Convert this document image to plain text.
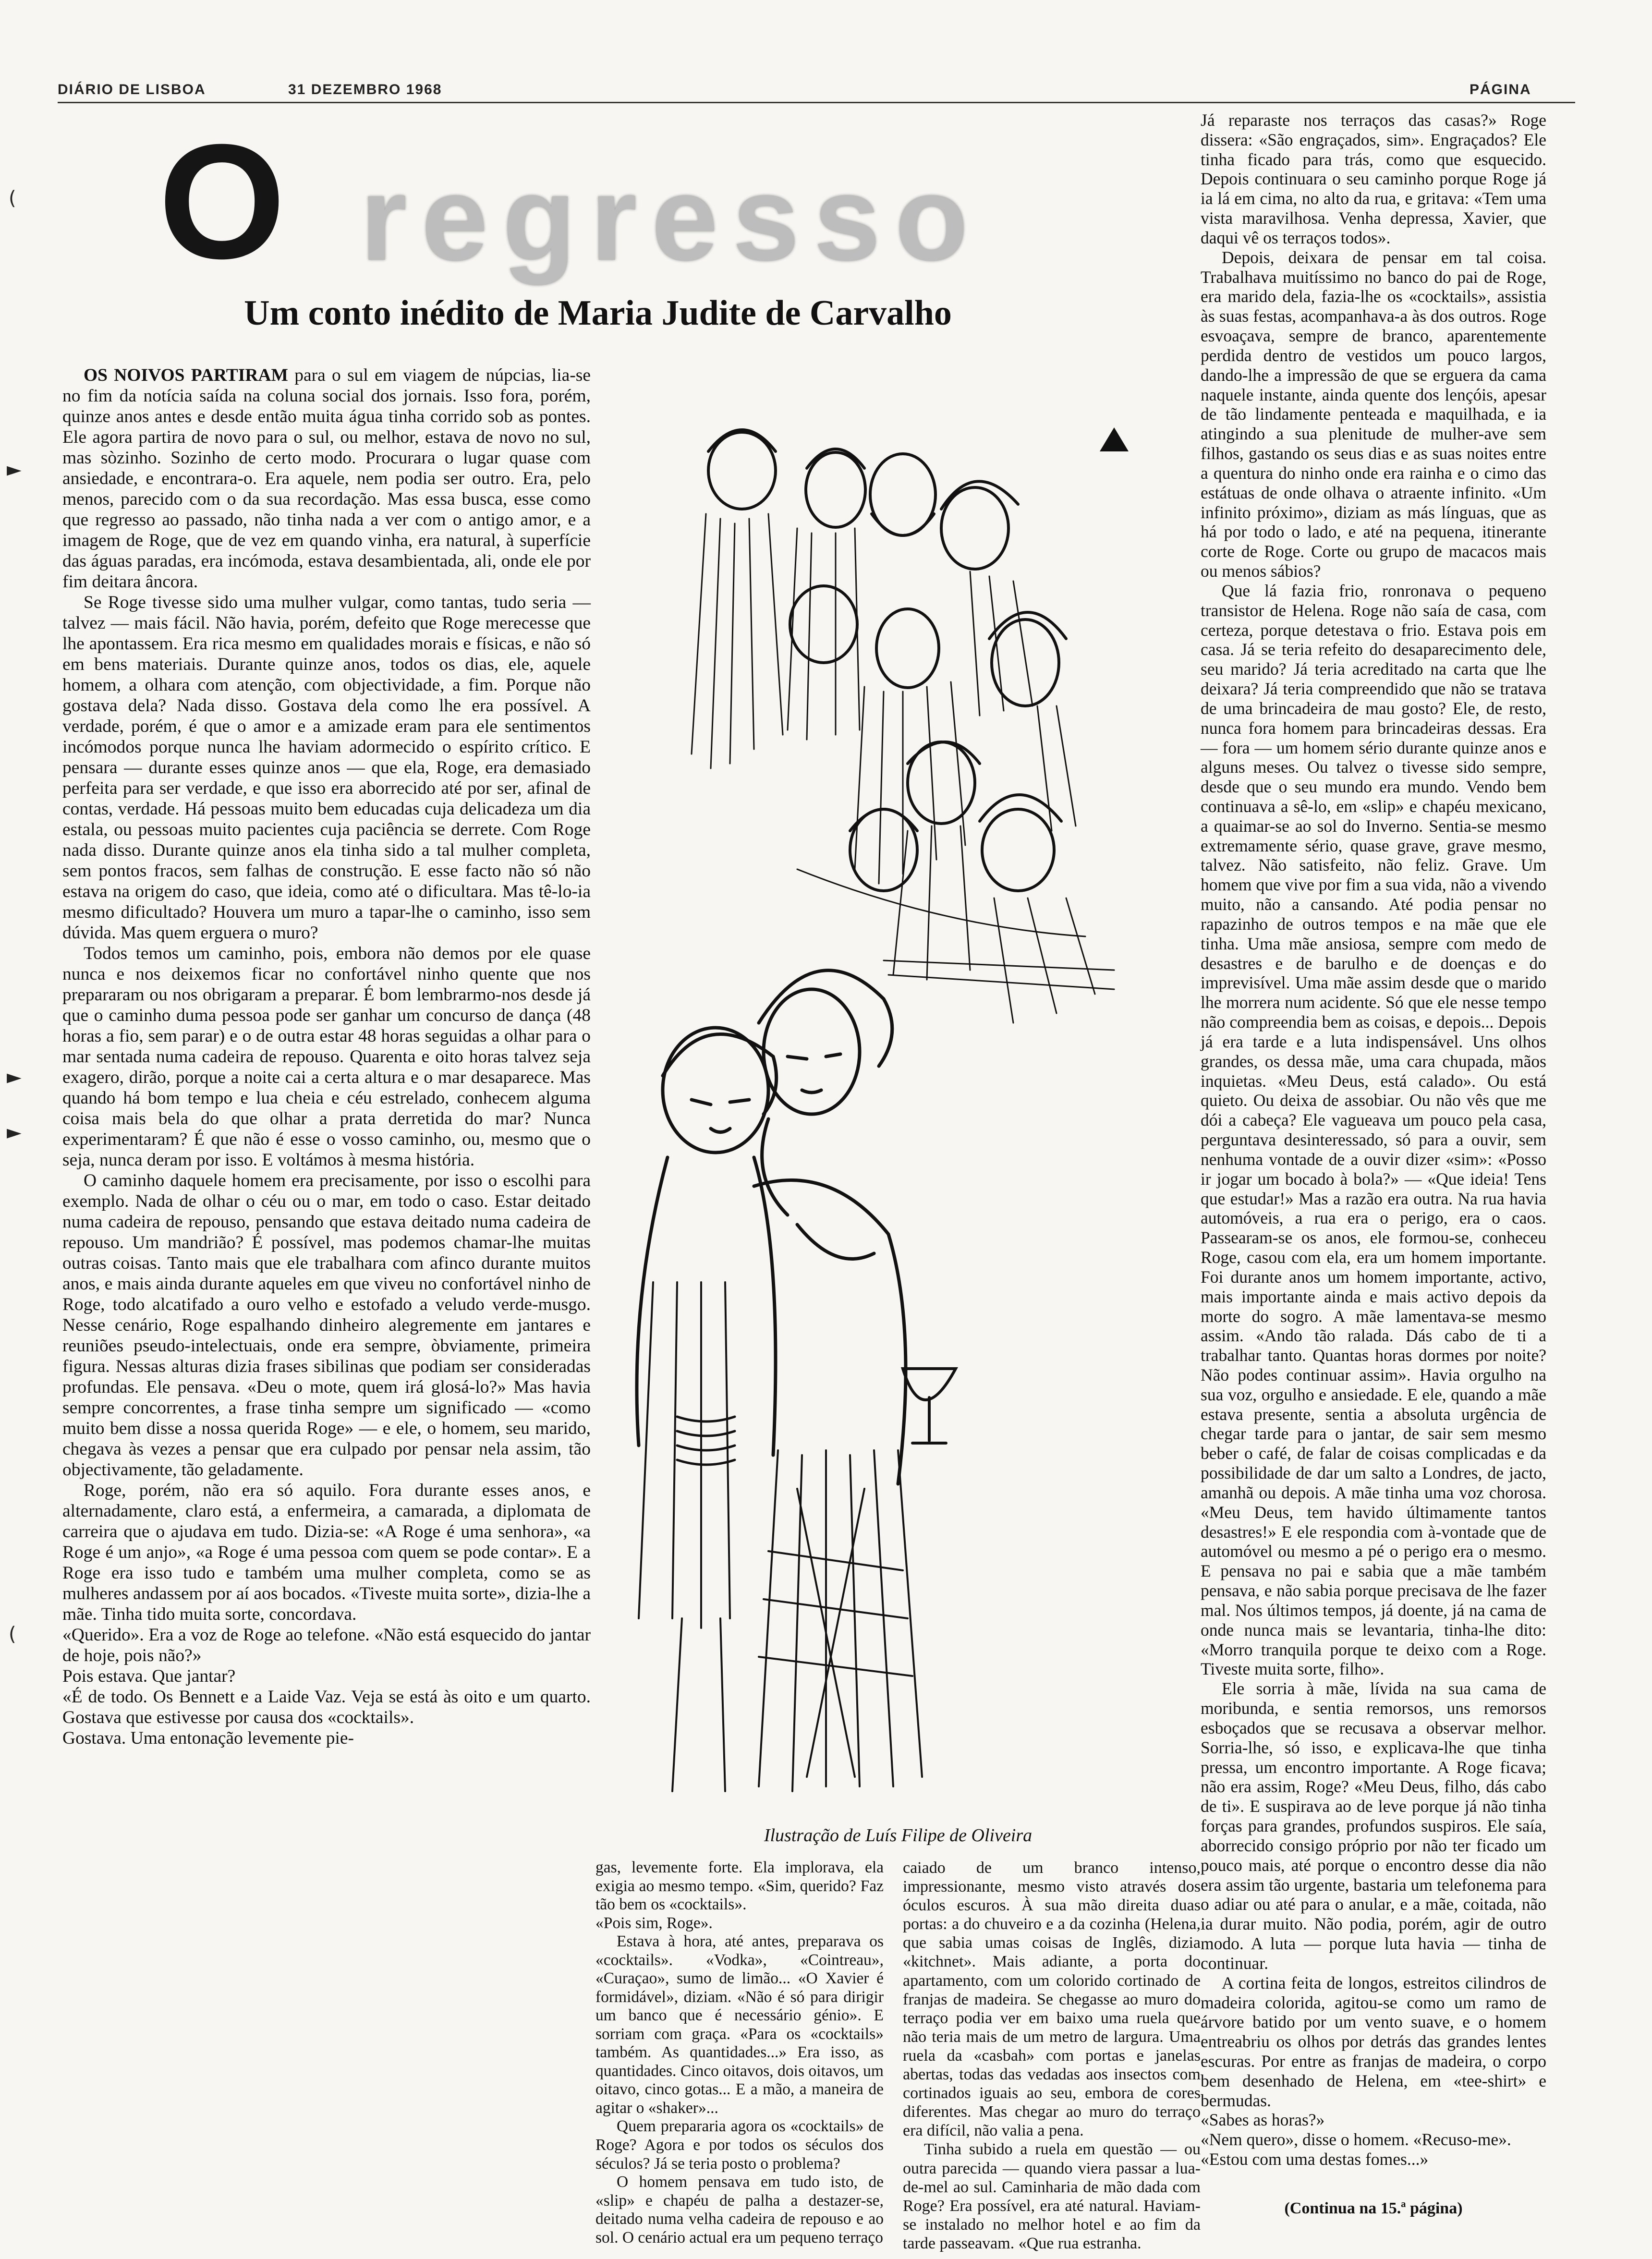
DIÁRIO DE LISBOA	31 DEZEMBRO 1968	PÁGINA
O regresso
Um conto inédito de Maria Judite de Carvalho
(
►
►
►
(

OS NOIVOS PARTIRAM para o sul em viagem de núpcias, lia-se no fim da notícia saída na coluna social dos jornais. Isso fora, porém, quinze anos antes e desde então muita água tinha corrido sob as pontes. Ele agora partira de novo para o sul, ou melhor, estava de novo no sul, mas sòzinho. Sozinho de certo modo. Procurara o lugar quase com ansiedade, e encontrara-o. Era aquele, nem podia ser outro. Era, pelo menos, parecido com o da sua recordação. Mas essa busca, esse como que regresso ao passado, não tinha nada a ver com o antigo amor, e a imagem de Roge, que de vez em quando vinha, era natural, à superfície das águas paradas, era incómoda, estava desambientada, ali, onde ele por fim deitara âncora.

Se Roge tivesse sido uma mulher vulgar, como tantas, tudo seria — talvez — mais fácil. Não havia, porém, defeito que Roge merecesse que lhe apontassem. Era rica mesmo em qualidades morais e físicas, e não só em bens materiais. Durante quinze anos, todos os dias, ele, aquele homem, a olhara com atenção, com objectividade, a fim. Porque não gostava dela? Nada disso. Gostava dela como lhe era possível. A verdade, porém, é que o amor e a amizade eram para ele sentimentos incómodos porque nunca lhe haviam adormecido o espírito crítico. E pensara — durante esses quinze anos — que ela, Roge, era demasiado perfeita para ser verdade, e que isso era aborrecido até por ser, afinal de contas, verdade. Há pessoas muito bem educadas cuja delicadeza um dia estala, ou pessoas muito pacientes cuja paciência se derrete. Com Roge nada disso. Durante quinze anos ela tinha sido a tal mulher completa, sem pontos fracos, sem falhas de construção. E esse facto não só não estava na origem do caso, que ideia, como até o dificultara. Mas tê-lo-ia mesmo dificultado? Houvera um muro a tapar-lhe o caminho, isso sem dúvida. Mas quem erguera o muro?

Todos temos um caminho, pois, embora não demos por ele quase nunca e nos deixemos ficar no confortável ninho quente que nos prepararam ou nos obrigaram a preparar. É bom lembrarmo-nos desde já que o caminho duma pessoa pode ser ganhar um concurso de dança (48 horas a fio, sem parar) e o de outra estar 48 horas seguidas a olhar para o mar sentada numa cadeira de repouso. Quarenta e oito horas talvez seja exagero, dirão, porque a noite cai a certa altura e o mar desaparece. Mas quando há bom tempo e lua cheia e céu estrelado, conhecem alguma coisa mais bela do que olhar a prata derretida do mar? Nunca experimentaram? É que não é esse o vosso caminho, ou, mesmo que o seja, nunca deram por isso. E voltámos à mesma história.

O caminho daquele homem era precisamente, por isso o escolhi para exemplo. Nada de olhar o céu ou o mar, em todo o caso. Estar deitado numa cadeira de repouso, pensando que estava deitado numa cadeira de repouso. Um mandrião? É possível, mas podemos chamar-lhe muitas outras coisas. Tanto mais que ele trabalhara com afinco durante muitos anos, e mais ainda durante aqueles em que viveu no confortável ninho de Roge, todo alcatifado a ouro velho e estofado a veludo verde-musgo. Nesse cenário, Roge espalhando dinheiro alegremente em jantares e reuniões pseudo-intelectuais, onde era sempre, òbviamente, primeira figura. Nessas alturas dizia frases sibilinas que podiam ser consideradas profundas. Ele pensava. «Deu o mote, quem irá glosá-lo?» Mas havia sempre concorrentes, a frase tinha sempre um significado — «como muito bem disse a nossa querida Roge» — e ele, o homem, seu marido, chegava às vezes a pensar que era culpado por pensar nela assim, tão objectivamente, tão geladamente.

Roge, porém, não era só aquilo. Fora durante esses anos, e alternadamente, claro está, a enfermeira, a camarada, a diplomata de carreira que o ajudava em tudo. Dizia-se: «A Roge é uma senhora», «a Roge é um anjo», «a Roge é uma pessoa com quem se pode contar». E a Roge era isso tudo e também uma mulher completa, como se as mulheres andassem por aí aos bocados. «Tiveste muita sorte», dizia-lhe a mãe. Tinha tido muita sorte, concordava.

«Querido». Era a voz de Roge ao telefone. «Não está esquecido do jantar de hoje, pois não?»

Pois estava. Que jantar?

«É de todo. Os Bennett e a Laide Vaz. Veja se está às oito e um quarto. Gostava que estivesse por causa dos «cocktails».

Gostava. Uma entonação levemente pie-

Ilustração de Luís Filipe de Oliveira

gas, levemente forte. Ela implorava, ela exigia ao mesmo tempo. «Sim, querido? Faz tão bem os «cocktails».

«Pois sim, Roge».

Estava à hora, até antes, preparava os «cocktails». «Vodka», «Cointreau», «Curaçao», sumo de limão... «O Xavier é formidável», diziam. «Não é só para dirigir um banco que é necessário génio». E sorriam com graça. «Para os «cocktails» também. As quantidades...» Era isso, as quantidades. Cinco oitavos, dois oitavos, um oitavo, cinco gotas... E a mão, a maneira de agitar o «shaker»...

Quem prepararia agora os «cocktails» de Roge? Agora e por todos os séculos dos séculos? Já se teria posto o problema?

O homem pensava em tudo isto, de «slip» e chapéu de palha a destazer-se, deitado numa velha cadeira de repouso e ao sol. O cenário actual era um pequeno terraço

caiado de um branco intenso, impressionante, mesmo visto através dos óculos escuros. À sua mão direita duas portas: a do chuveiro e a da cozinha (Helena, que sabia umas coisas de Inglês, dizia «kitchnet». Mais adiante, a porta do apartamento, com um colorido cortinado de franjas de madeira. Se chegasse ao muro do terraço podia ver em baixo uma ruela que não teria mais de um metro de largura. Uma ruela da «casbah» com portas e janelas abertas, todas das vedadas aos insectos com cortinados iguais ao seu, embora de cores diferentes. Mas chegar ao muro do terraço era difícil, não valia a pena.

Tinha subido a ruela em questão — ou outra parecida — quando viera passar a lua-de-mel ao sul. Caminharia de mão dada com Roge? Era possível, era até natural. Haviam-se instalado no melhor hotel e ao fim da tarde passeavam. «Que rua estranha.

Já reparaste nos terraços das casas?» Roge dissera: «São engraçados, sim». Engraçados? Ele tinha ficado para trás, como que esquecido. Depois continuara o seu caminho porque Roge já ia lá em cima, no alto da rua, e gritava: «Tem uma vista maravilhosa. Venha depressa, Xavier, que daqui vê os terraços todos».

Depois, deixara de pensar em tal coisa. Trabalhava muitíssimo no banco do pai de Roge, era marido dela, fazia-lhe os «cocktails», assistia às suas festas, acompanhava-a às dos outros. Roge esvoaçava, sempre de branco, aparentemente perdida dentro de vestidos um pouco largos, dando-lhe a impressão de que se erguera da cama naquele instante, ainda quente dos lençóis, apesar de tão lindamente penteada e maquilhada, e ia atingindo a sua plenitude de mulher-ave sem filhos, gastando os seus dias e as suas noites entre a quentura do ninho onde era rainha e o cimo das estátuas de onde olhava o atraente infinito. «Um infinito próximo», diziam as más línguas, que as há por todo o lado, e até na pequena, itinerante corte de Roge. Corte ou grupo de macacos mais ou menos sábios?

Que lá fazia frio, ronronava o pequeno transistor de Helena. Roge não saía de casa, com certeza, porque detestava o frio. Estava pois em casa. Já se teria refeito do desaparecimento dele, seu marido? Já teria acreditado na carta que lhe deixara? Já teria compreendido que não se tratava de uma brincadeira de mau gosto? Ele, de resto, nunca fora homem para brincadeiras dessas. Era — fora — um homem sério durante quinze anos e alguns meses. Ou talvez o tivesse sido sempre, desde que o seu mundo era mundo. Vendo bem continuava a sê-lo, em «slip» e chapéu mexicano, a quaimar-se ao sol do Inverno. Sentia-se mesmo extremamente sério, quase grave, grave mesmo, talvez. Não satisfeito, não feliz. Grave. Um homem que vive por fim a sua vida, não a vivendo muito, não a cansando. Até podia pensar no rapazinho de outros tempos e na mãe que ele tinha. Uma mãe ansiosa, sempre com medo de desastres e de barulho e de doenças e do imprevisível. Uma mãe assim desde que o marido lhe morrera num acidente. Só que ele nesse tempo não compreendia bem as coisas, e depois... Depois já era tarde e a luta indispensável. Uns olhos grandes, os dessa mãe, uma cara chupada, mãos inquietas. «Meu Deus, está calado». Ou está quieto. Ou deixa de assobiar. Ou não vês que me dói a cabeça? Ele vagueava um pouco pela casa, perguntava desinteressado, só para a ouvir, sem nenhuma vontade de a ouvir dizer «sim»: «Posso ir jogar um bocado à bola?» — «Que ideia! Tens que estudar!» Mas a razão era outra. Na rua havia automóveis, a rua era o perigo, era o caos. Passearam-se os anos, ele formou-se, conheceu Roge, casou com ela, era um homem importante. Foi durante anos um homem importante, activo, mais importante ainda e mais activo depois da morte do sogro. A mãe lamentava-se mesmo assim. «Ando tão ralada. Dás cabo de ti a trabalhar tanto. Quantas horas dormes por noite? Não podes continuar assim». Havia orgulho na sua voz, orgulho e ansiedade. E ele, quando a mãe estava presente, sentia a absoluta urgência de chegar tarde para o jantar, de sair sem mesmo beber o café, de falar de coisas complicadas e da possibilidade de dar um salto a Londres, de jacto, amanhã ou depois. A mãe tinha uma voz chorosa. «Meu Deus, tem havido últimamente tantos desastres!» E ele respondia com à-vontade que de automóvel ou mesmo a pé o perigo era o mesmo. E pensava no pai e sabia que a mãe também pensava, e não sabia porque precisava de lhe fazer mal. Nos últimos tempos, já doente, já na cama de onde nunca mais se levantaria, tinha-lhe dito: «Morro tranquila porque te deixo com a Roge. Tiveste muita sorte, filho».

Ele sorria à mãe, lívida na sua cama de moribunda, e sentia remorsos, uns remorsos esboçados que se recusava a observar melhor. Sorria-lhe, só isso, e explicava-lhe que tinha pressa, um encontro importante. A Roge ficava; não era assim, Roge? «Meu Deus, filho, dás cabo de ti». E suspirava ao de leve porque já não tinha forças para grandes, profundos suspiros. Ele saía, aborrecido consigo próprio por não ter ficado um pouco mais, até porque o encontro desse dia não era assim tão urgente, bastaria um telefonema para o adiar ou até para o anular, e a mãe, coitada, não ia durar muito. Não podia, porém, agir de outro modo. A luta — porque luta havia — tinha de continuar.

A cortina feita de longos, estreitos cilindros de madeira colorida, agitou-se como um ramo de árvore batido por um vento suave, e o homem entreabriu os olhos por detrás das grandes lentes escuras. Por entre as franjas de madeira, o corpo bem desenhado de Helena, em «tee-shirt» e bermudas.

«Sabes as horas?»

«Nem quero», disse o homem. «Recuso-me».

«Estou com uma destas fomes...»

(Continua na 15.ª página)
